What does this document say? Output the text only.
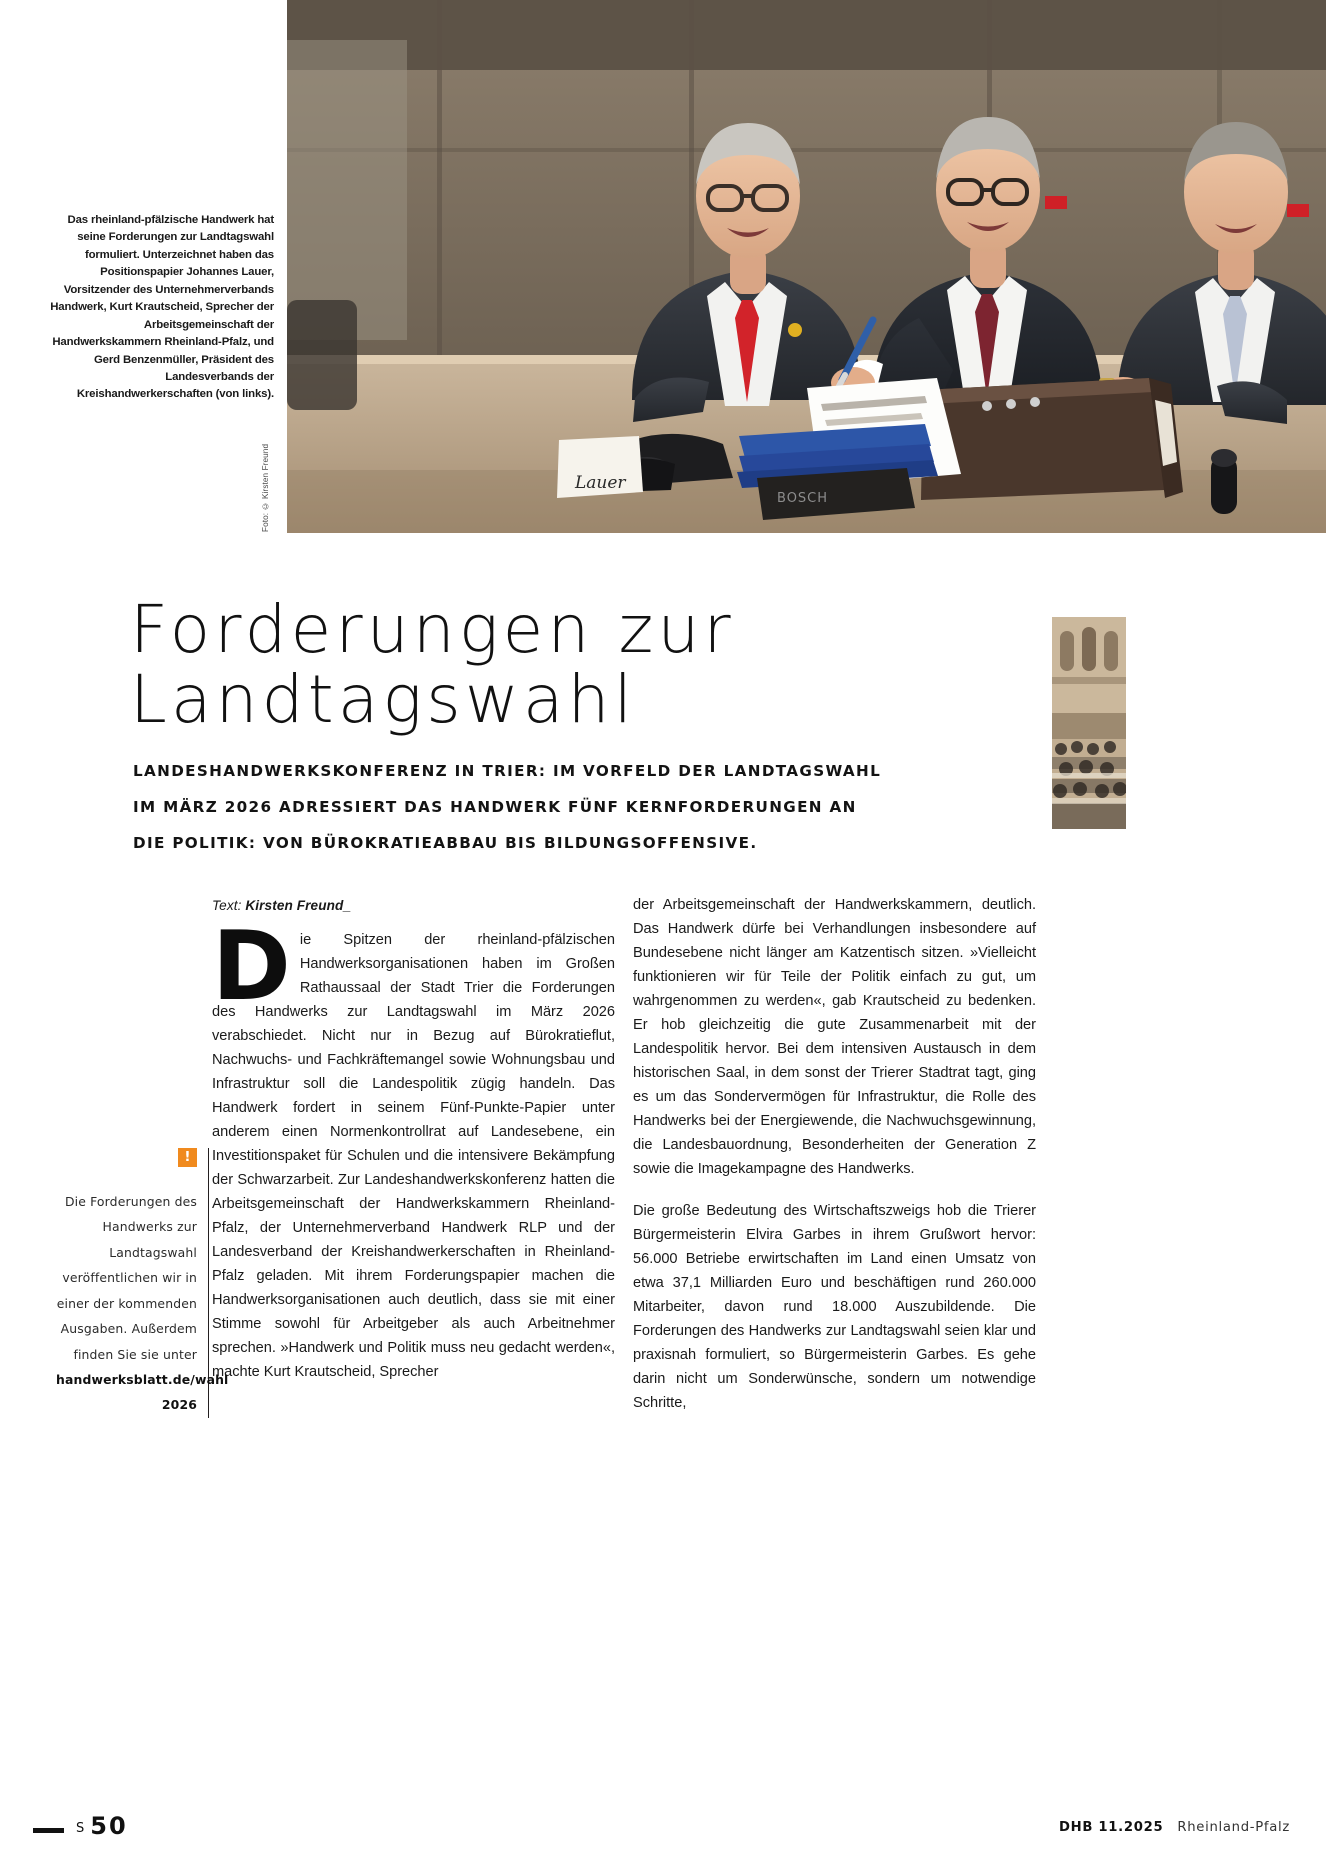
BOSCH
Lauer
Das rheinland-pfälzische Handwerk hat seine Forderungen zur Landtagswahl formuliert. Unterzeichnet haben das Positionspapier Johannes Lauer, Vorsitzender des Unternehmerverbands Handwerk, Kurt Krautscheid, Sprecher der Arbeitsgemeinschaft der Handwerkskammern Rheinland-Pfalz, und Gerd Benzenmüller, Präsident des Landesverbands der Kreishandwerkerschaften (von links).
Foto: © Kirsten Freund
Forderungen zur
Landtagswahl
LANDESHANDWERKSKONFERENZ IN TRIER: IM VORFELD DER LANDTAGSWAHL
IM MÄRZ 2026 ADRESSIERT DAS HANDWERK FÜNF KERNFORDERUNGEN AN
DIE POLITIK: VON BÜROKRATIEABBAU BIS BILDUNGSOFFENSIVE.
Text: Kirsten Freund_

Die Spitzen der rheinland-pfälzischen Handwerksorganisationen haben im Großen Rathaussaal der Stadt Trier die Forderungen des Handwerks zur Landtagswahl im März 2026 verabschiedet. Nicht nur in Bezug auf Bürokratieflut, Nachwuchs- und Fachkräftemangel sowie Wohnungsbau und Infrastruktur soll die Landespolitik zügig handeln. Das Handwerk fordert in seinem Fünf-Punkte-Papier unter anderem einen Normenkontrollrat auf Landesebene, ein Investitionspaket für Schulen und die intensivere Bekämpfung der Schwarzarbeit. Zur Landeshandwerkskonferenz hatten die Arbeitsgemeinschaft der Handwerkskammern Rheinland-Pfalz, der Unternehmerverband Handwerk RLP und der Landesverband der Kreishandwerkerschaften in Rheinland-Pfalz geladen. Mit ihrem Forderungspapier machen die Handwerksorganisationen auch deutlich, dass sie mit einer Stimme sowohl für Arbeitgeber als auch Arbeitnehmer sprechen. »Handwerk und Politik muss neu gedacht werden«, machte Kurt Krautscheid, Sprecher

der Arbeitsgemeinschaft der Handwerkskammern, deutlich. Das Handwerk dürfe bei Verhandlungen insbesondere auf Bundesebene nicht länger am Katzentisch sitzen. »Vielleicht funktionieren wir für Teile der Politik einfach zu gut, um wahrgenommen zu werden«, gab Krautscheid zu bedenken. Er hob gleichzeitig die gute Zusammenarbeit mit der Landespolitik hervor. Bei dem intensiven Austausch in dem historischen Saal, in dem sonst der Trierer Stadtrat tagt, ging es um das Sondervermögen für Infrastruktur, die Rolle des Handwerks bei der Energiewende, die Nachwuchsgewinnung, die Landesbauordnung, Besonderheiten der Generation Z sowie die Imagekampagne des Handwerks.

Die große Bedeutung des Wirtschaftszweigs hob die Trierer Bürgermeisterin Elvira Garbes in ihrem Grußwort hervor: 56.000 Betriebe erwirtschaften im Land einen Umsatz von etwa 37,1 Milliarden Euro und beschäftigen rund 260.000 Mitarbeiter, davon rund 18.000 Auszubildende. Die Forderungen des Handwerks zur Landtagswahl seien klar und praxisnah formuliert, so Bürgermeisterin Garbes. Es gehe darin nicht um Sonderwünsche, sondern um notwendige Schritte,

!
Die Forderungen des Handwerks zur Landtagswahl veröffentlichen wir in einer der kommenden Ausgaben. Außerdem finden Sie sie unter handwerksblatt.de/wahl 2026
S 50	DHB 11.2025 Rheinland-Pfalz
